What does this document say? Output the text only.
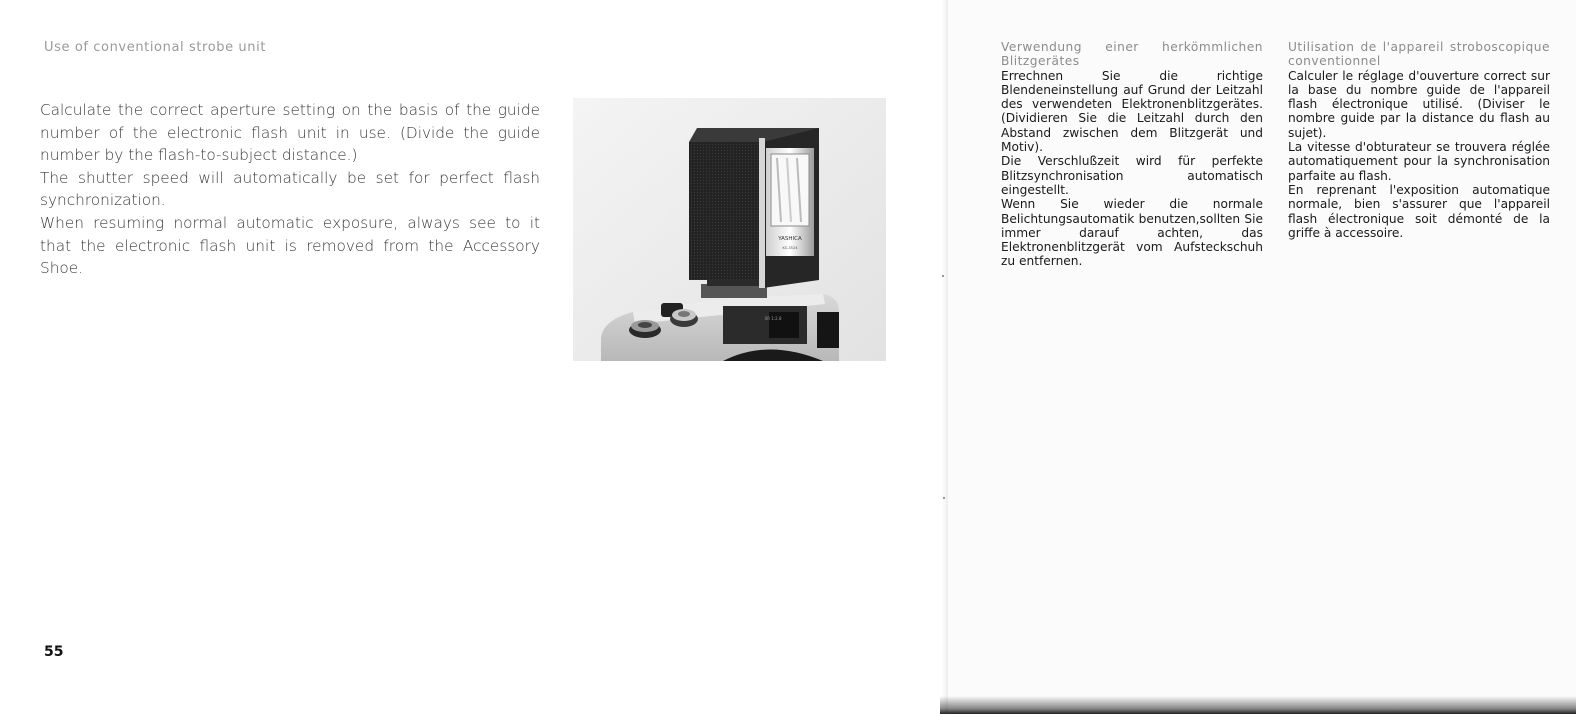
Use of conventional strobe unit

Calculate the correct aperture setting on the basis of the guide number of the electronic flash unit in use. (Divide the guide number by the flash-to-subject distance.)

The shutter speed will automatically be set for perfect flash synchronization.

When resuming normal automatic exposure, always see to it that the electronic flash unit is removed from the Accessory Shoe.

55
YASHICA
KS-3524
XR 1:2.8

Verwendung einer herkömmlichen Blitzgerätes

Errechnen Sie die richtige Blendeneinstellung auf Grund der Leitzahl des verwendeten Elektronenblitzgerätes. (Dividieren Sie die Leitzahl durch den Abstand zwischen dem Blitzgerät und Motiv).

Die Verschlußzeit wird für perfekte Blitzsynchronisation automatisch eingestellt.

Wenn Sie wieder die normale Belichtungsautomatik benutzen,sollten Sie immer darauf achten, das Elektronenblitzgerät vom Aufsteckschuh zu entfernen.

Utilisation de l'appareil stroboscopique conventionnel

Calculer le réglage d'ouverture correct sur la base du nombre guide de l'appareil flash électronique utilisé. (Diviser le nombre guide par la distance du flash au sujet).

La vitesse d'obturateur se trouvera réglée automatiquement pour la synchronisation parfaite au flash.

En reprenant l'exposition automatique normale, bien s'assurer que l'appareil flash électronique soit démonté de la griffe à accessoire.
